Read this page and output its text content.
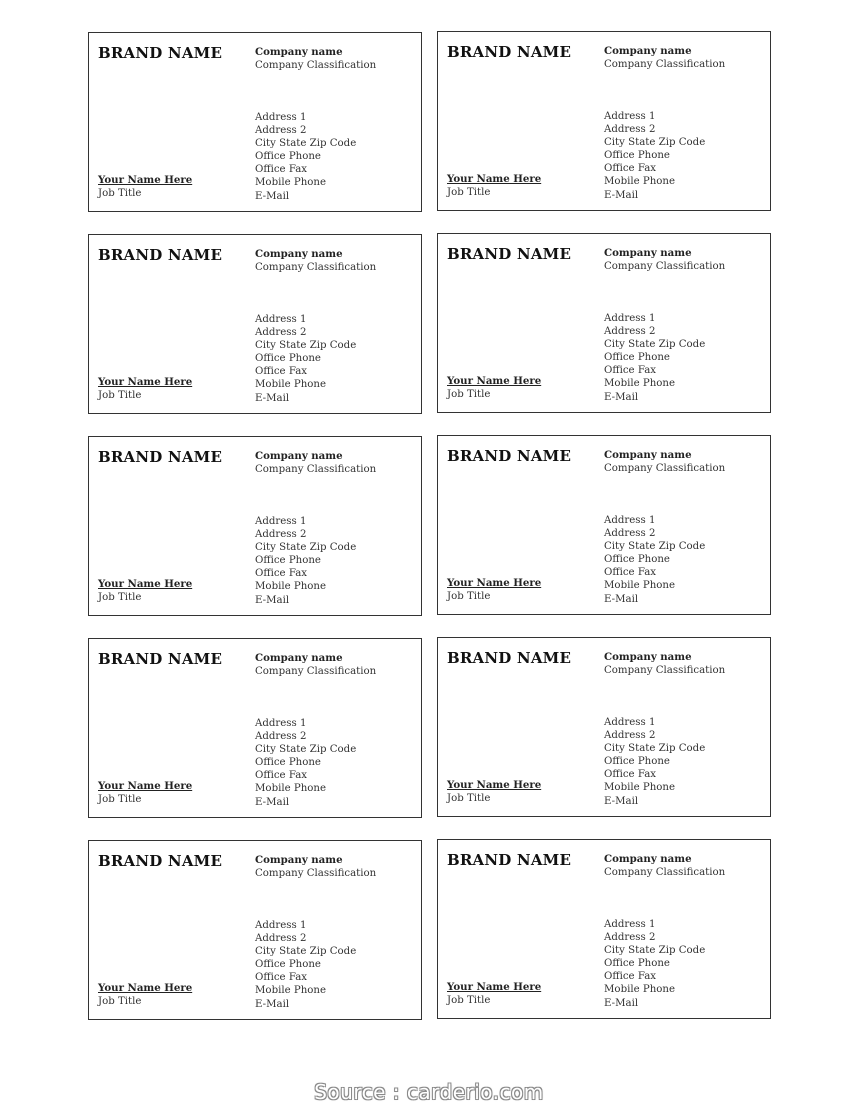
BRAND NAME	Company name
Company Classification
Address 1
Address 2
City State Zip Code
Office Phone
Office Fax
Mobile Phone
E-Mail
Your Name Here
Job Title
BRAND NAME	Company name
Company Classification
Address 1
Address 2
City State Zip Code
Office Phone
Office Fax
Mobile Phone
E-Mail
Your Name Here
Job Title
BRAND NAME	Company name
Company Classification
Address 1
Address 2
City State Zip Code
Office Phone
Office Fax
Mobile Phone
E-Mail
Your Name Here
Job Title
BRAND NAME	Company name
Company Classification
Address 1
Address 2
City State Zip Code
Office Phone
Office Fax
Mobile Phone
E-Mail
Your Name Here
Job Title
BRAND NAME	Company name
Company Classification
Address 1
Address 2
City State Zip Code
Office Phone
Office Fax
Mobile Phone
E-Mail
Your Name Here
Job Title
BRAND NAME	Company name
Company Classification
Address 1
Address 2
City State Zip Code
Office Phone
Office Fax
Mobile Phone
E-Mail
Your Name Here
Job Title
BRAND NAME	Company name
Company Classification
Address 1
Address 2
City State Zip Code
Office Phone
Office Fax
Mobile Phone
E-Mail
Your Name Here
Job Title
BRAND NAME	Company name
Company Classification
Address 1
Address 2
City State Zip Code
Office Phone
Office Fax
Mobile Phone
E-Mail
Your Name Here
Job Title
BRAND NAME	Company name
Company Classification
Address 1
Address 2
City State Zip Code
Office Phone
Office Fax
Mobile Phone
E-Mail
Your Name Here
Job Title
BRAND NAME	Company name
Company Classification
Address 1
Address 2
City State Zip Code
Office Phone
Office Fax
Mobile Phone
E-Mail
Your Name Here
Job Title
Source : carderio.com
